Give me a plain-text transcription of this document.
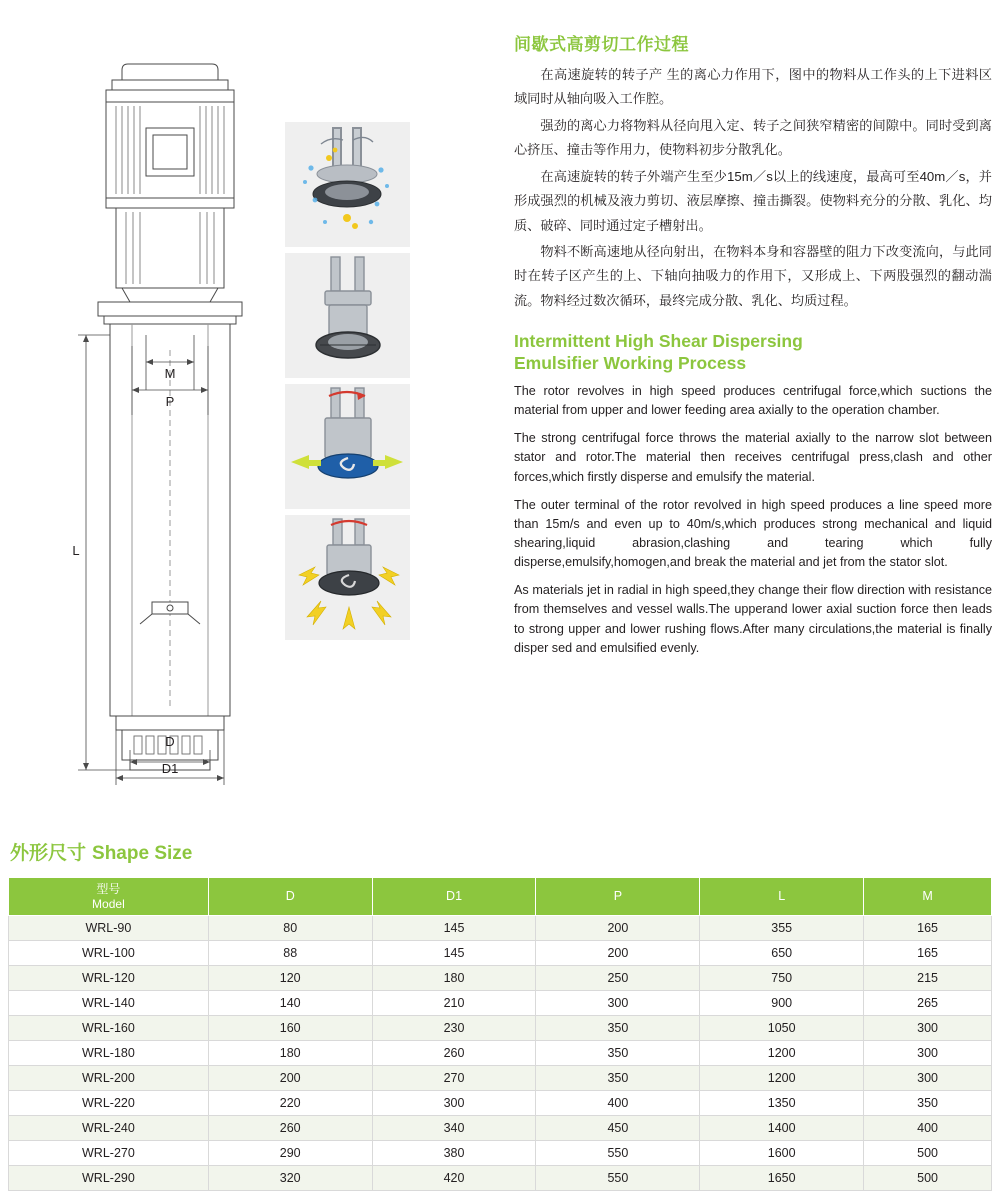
M
P
L
D
D1
间歇式高剪切工作过程

在高速旋转的转子产 生的离心力作用下，图中的物料从工作头的上下进料区域同时从轴向吸入工作腔。

强劲的离心力将物料从径向甩入定、转子之间狭窄精密的间隙中。同时受到离心挤压、撞击等作用力，使物料初步分散乳化。

在高速旋转的转子外端产生至少15m／s以上的线速度，最高可至40m／s，并形成强烈的机械及液力剪切、液层摩擦、撞击撕裂。使物料充分的分散、乳化、均质、破碎、同时通过定子槽射出。

物料不断高速地从径向射出，在物料本身和容器壁的阻力下改变流向，与此同时在转子区产生的上、下轴向抽吸力的作用下，又形成上、下两股强烈的翻动湍流。物料经过数次循环，最终完成分散、乳化、均质过程。

Intermittent High Shear Dispersing
Emulsifier Working Process

The rotor revolves in high speed produces centrifugal force,which suctions the material from upper and lower feeding area axially to the operation chamber.

The strong centrifugal force throws the material axially to the narrow slot between stator and rotor.The material then receives centrifugal press,clash and other forces,which firstly disperse and emulsify the material.

The outer terminal of the rotor revolved in high speed produces a line speed more than 15m/s and even up to 40m/s,which produces strong mechanical and liquid shearing,liquid abrasion,clashing and tearing which fully disperse,emulsify,homogen,and break the material and jet from the stator slot.

As materials jet in radial in high speed,they change their flow direction with resistance from themselves and vessel walls.The upperand lower axial suction force then leads to strong upper and lower rushing flows.After many circulations,the material is finally disper sed and emulsified evenly.

外形尺寸 Shape Size
型号
Model	D	D1	P	L	M
WRL-90	80	145	200	355	165
WRL-100	88	145	200	650	165
WRL-120	120	180	250	750	215
WRL-140	140	210	300	900	265
WRL-160	160	230	350	1050	300
WRL-180	180	260	350	1200	300
WRL-200	200	270	350	1200	300
WRL-220	220	300	400	1350	350
WRL-240	260	340	450	1400	400
WRL-270	290	380	550	1600	500
WRL-290	320	420	550	1650	500
